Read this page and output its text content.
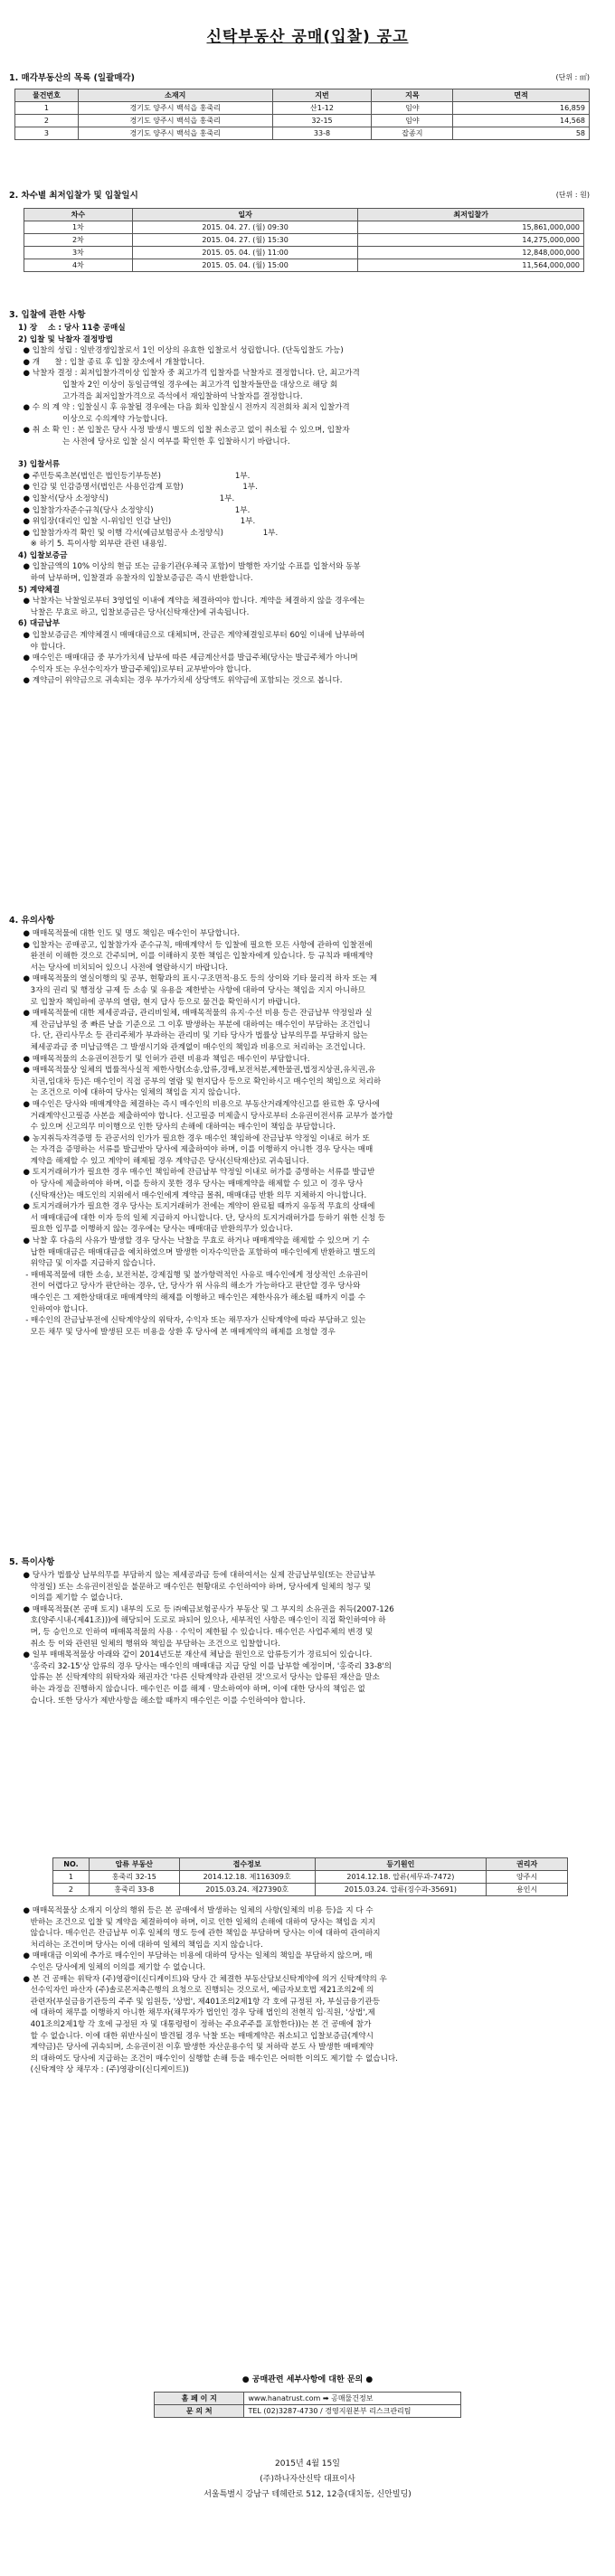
신탁부동산 공매(입찰) 공고
1. 매각부동산의 목록 (일괄매각)	(단위 : ㎡)
물건번호	소재지	지번	지목	면적
1	경기도 양주시 백석읍 홍죽리	산1-12	임야	16,859
2	경기도 양주시 백석읍 홍죽리	32-15	임야	14,568
3	경기도 양주시 백석읍 홍죽리	33-8	잡종지	58
2. 차수별 최저입찰가 및 입찰일시	(단위 : 원)
차수	일자	최저입찰가
1차	2015. 04. 27. (월) 09:30	15,861,000,000
2차	2015. 04. 27. (월) 15:30	14,275,000,000
3차	2015. 05. 04. (월) 11:00	12,848,000,000
4차	2015. 05. 04. (월) 15:00	11,564,000,000
3. 입찰에 관한 사항
1) 장    소 : 당사 11층 공매실
2) 입찰 및 낙찰자 결정방법
● 입찰의 성립 : 일반경쟁입찰로서 1인 이상의 유효한 입찰로서 성립합니다. (단독입찰도 가능)
● 개      찰 : 입찰 종료 후 입찰 장소에서 개찰합니다.
● 낙찰자 결정 : 최저입찰가격이상 입찰자 중 최고가격 입찰자를 낙찰자로 결정합니다. 단, 최고가격
입찰자 2인 이상이 동일금액일 경우에는 최고가격 입찰자들만을 대상으로 해당 회
고가격을 최저입찰가격으로 즉석에서 재입찰하여 낙찰자를 결정합니다.
● 수 의 계 약 : 입찰실시 후 유찰될 경우에는 다음 회차 입찰실시 전까지 직전회차 최저 입찰가격
이상으로 수의계약 가능합니다.
● 취 소 확 인 : 본 입찰은 당사 사정 발생시 별도의 입찰 취소공고 없이 취소될 수 있으며, 입찰자
는 사전에 당사로 입찰 실시 여부를 확인한 후 입찰하시기 바랍니다.

3) 입찰서류
● 주민등록초본(법인은 법인등기부등본)                              1부.
● 인감 및 인감증명서(법인은 사용인감계 포함)                        1부.
● 입찰서(당사 소정양식)                                             1부.
● 입찰참가자준수규칙(당사 소정양식)                                 1부.
● 위임장(대리인 입찰 시-위임인 인감 날인)                            1부.
● 입찰참가자격 확인 및 이행 각서(예금보험공사 소정양식)                1부.
※ 하기 5. 특이사항 외부란 관련 내용임.
4) 입찰보증금
● 입찰금액의 10% 이상의 현금 또는 금융기관(우체국 포함)이 발행한 자기앞 수표를 입찰서와 동봉
하여 납부하며, 입찰결과 유찰자의 입찰보증금은 즉시 반환합니다.
5) 계약체결
● 낙찰자는 낙찰일로부터 3영업일 이내에 계약을 체결하여야 합니다. 계약을 체결하지 않을 경우에는
낙찰은 무효로 하고, 입찰보증금은 당사(신탁재산)에 귀속됩니다.
6) 대금납부
● 입찰보증금은 계약체결시 매매대금으로 대체되며, 잔금은 계약체결일로부터 60일 이내에 납부하여
야 합니다.
● 매수인은 매매대금 중 부가가치세 납부에 따른 세금계산서를 발급주체(당사는 발급주체가 아니며
수익자 또는 우선수익자가 발급주체임)로부터 교부받아야 합니다.
● 계약금이 위약금으로 귀속되는 경우 부가가치세 상당액도 위약금에 포함되는 것으로 봅니다.
4. 유의사항
● 매매목적물에 대한 인도 및 명도 책임은 매수인이 부담합니다.
● 입찰자는 공매공고, 입찰참가자 준수규칙, 매매계약서 등 입찰에 필요한 모든 사항에 관하여 입찰전에
완전히 이해한 것으로 간주되며, 이를 이해하지 못한 책임은 입찰자에게 있습니다. 등 규칙과 매매계약
서는 당사에 비치되어 있으니 사전에 열람하시기 바랍니다.
● 매매목적물의 열실이행의 및 공부, 현황과의 표시·구조면적·용도 등의 상이와 기타 물리적 하자 또는 제
3자의 권리 및 행정상 규제 등 소송 및 유용을 제한받는 사항에 대하여 당사는 책임을 지지 아니하므
로 입찰자 책임하에 공부의 열람, 현지 답사 등으로 물건을 확인하시기 바랍니다.
● 매매목적물에 대한 제세공과금, 관리비일체, 매매목적물의 유지·수선 비용 등은 잔금납부 약정일과 실
제 잔금납부일 중 빠른 날을 기준으로 그 이후 발생하는 부분에 대하여는 매수인이 부담하는 조건입니
다. 단, 관리사무소 등 관리주체가 부과하는 관리비 및 기타 당사가 법률상 납부의무를 부담하지 않는
체세공과금 중 미납금액은 그 발생시기와 관계없이 매수인의 책임과 비용으로 처리하는 조건입니다.
● 매매목적물의 소유권이전등기 및 인허가 관련 비용과 책임은 매수인이 부담합니다.
● 매매목적물상 일체의 법률적사실적 제한사항(소송,압류,경매,보전처분,제한물권,법정지상권,유치권,유
치권,임대차 등)은 매수인이 직접 공부의 열람 및 현지답사 등으로 확인하시고 매수인의 책임으로 처리하
는 조건으로 이에 대하여 당사는 일체의 책임을 지지 않습니다.
● 매수인은 당사와 매매계약을 체결하는 즉시 매수인의 비용으로 부동산거래계약신고를 완료한 후 당사에
거래계약신고필증 사본을 제출하여야 합니다. 신고필증 미제출시 당사로부터 소유권이전서류 교부가 불가할
수 있으며 신고의무 미이행으로 인한 당사의 손해에 대하여는 매수인이 책임을 부담합니다.
● 농지취득자격증명 등 관공서의 인가가 필요한 경우 매수인 책임하에 잔금납부 약정일 이내로 허가 또
는 자격을 증명하는 서류를 발급받아 당사에 제출하여야 하며, 이를 이행하지 아니한 경우 당사는 매매
계약을 해제할 수 있고 계약이 해제될 경우 계약금은 당사(신탁재산)로 귀속됩니다.
● 토지거래허가가 필요한 경우 매수인 책임하에 잔금납부 약정일 이내로 허가를 증명하는 서류를 발급받
아 당사에 제출하여야 하며, 이를 등하지 못한 경우 당사는 매매계약을 해제할 수 있고 이 경우 당사
(신탁재산)는 매도인의 지위에서 매수인에게 계약금 몰취, 매매대금 반환 의무 지체하지 아니합니다.
● 토지거래허가가 필요한 경우 당사는 토지거래허가 전에는 계약이 완료될 때까지 유동적 무효의 상태에
서 매매대금에 대한 이자 등의 일체 지급하지 아니합니다. 단, 당사의 토지거래허가를 등하기 위한 신청 등
필요한 입무를 이행하지 않는 경우에는 당사는 매매대금 반환의무가 있습니다.
● 낙찰 후 다음의 사유가 발생할 경우 당사는 낙찰을 무효로 하거나 매매계약을 해제할 수 있으며 기 수
납한 매매대금은 매매대금을 예치하였으며 발생한 이자수익만을 포함하여 매수인에게 반환하고 별도의
위약금 및 이자를 지급하지 않습니다.
- 매매목적물에 대한 소송, 보전처분, 강제집행 및 불가항력적인 사유로 매수인에게 정상적인 소유권이
전이 어렵다고 당사가 판단하는 경우, 단, 당사가 위 사유의 해소가 가능하다고 판단할 경우 당사와
매수인은 그 제한상태대로 매매계약의 해제를 이행하고 매수인은 제한사유가 해소될 때까지 이를 수
인하여야 합니다.
- 매수인의 잔금납부전에 신탁계약상의 위탁자, 수익자 또는 채무자가 신탁계약에 따라 부담하고 있는
모든 채무 및 당사에 발생된 모든 비용을 상환 후 당사에 본 매매계약의 해제를 요청할 경우
5. 특이사항
● 당사가 법률상 납부의무를 부담하지 않는 제세공과금 등에 대하여서는 실제 잔금납부일(또는 잔금납부
약정일) 또는 소유권이전일을 불문하고 매수인은 현황대로 수인하여야 하며, 당사에게 일체의 청구 및
이의를 제기할 수 없습니다.
● 매매목적물(본 공매 토지) 내부의 도로 등 ㈜예금보험공사가 부동산 및 그 부지의 소유권을 취득(2007-126
호(양주시내-(제41조)))에 해당되어 도로로 파되어 있으나, 세부적인 사항은 매수인이 직접 확인하여야 하
며, 등 승인으로 인하여 매매목적물의 사용 · 수익이 제한될 수 있습니다. 매수인은 사업주체의 변경 및
취소 등 이와 관련된 일체의 행위와 책임을 부담하는 조건으로 입찰합니다.
● 일부 매매목적물상 아래와 같이 2014년도분 재산세 체납을 원인으로 압류등기가 경료되어 있습니다.
'홍죽리 32-15'상 압류의 경우 당사는 매수인의 매매대금 지급 당일 이를 납부할 예정이며, '홍죽리 33-8'의
압류는 본 신탁계약의 위탁자와 채권자간 '다른 신탁계약과 관련된 것'으로서 당사는 압류된 재산을 말소
하는 과정을 진행하지 않습니다. 매수인은 이를 해제 · 말소하여야 하며, 이에 대한 당사의 책임은 없
습니다. 또한 당사가 제반사항을 해소할 때까지 매수인은 이를 수인하여야 합니다.
NO.	압류 부동산	접수정보	등기원인	권리자
1	홍죽리 32-15	2014.12.18. 제116309호	2014.12.18. 압류(세무과-7472)	양주시
2	홍죽리 33-8	2015.03.24. 제27390호	2015.03.24. 압류(징수과-35691)	용인시
● 매매목적물상 소재지 이상의 행위 등은 본 공매에서 발생하는 일체의 사항(일체의 비용 등)을 지 다 수
반하는 조건으로 입찰 및 계약을 체결하여야 하며, 이로 인한 일체의 손해에 대하여 당사는 책임을 지지
않습니다. 매수인은 잔금납부 이후 일체의 명도 등에 관한 책임을 부담하며 당사는 이에 대하여 관여하지
처리하는 조건이며 당사는 이에 대하여 일체의 책임을 지지 않습니다.
● 매매대금 이외에 추가로 매수인이 부담하는 비용에 대하여 당사는 일체의 책임을 부담하지 않으며, 매
수인은 당사에게 일체의 이의를 제기할 수 없습니다.
● 본 건 공매는 위탁자 (주)영광이(신디케이트)와 당사 간 체결한 부동산담보신탁계약에 의거 신탁계약의 우
선수익자인 파산자 (주)솔로몬저축은행의 요청으로 진행되는 것으로서, 예금자보호법 제21조의2에 의
관련자(부실금융기관등의 주주 및 임원등, '상법', 제401조의2제1항 각 호에 규정된 자, 부실금융기관등
에 대하여 채무를 이행하지 아니한 채무자(채무자가 법인인 경우 당해 법인의 전현직 임·직원, '상법',제
401조의2제1항 각 호에 규정된 자 및 대통령령이 정하는 주요주주를 포함한다))는 본 건 공매에 참가
할 수 없습니다. 이에 대한 위반사실이 발견될 경우 낙찰 또는 매매계약은 취소되고 입찰보증금(계약시
계약금)은 당사에 귀속되며, 소유권이전 이후 발생한 자산운용수익 및 저하락 분도 사 발생한 매매계약
의 대하여도 당사에 지급하는 조건이 매수인이 실행할 손해 등을 매수인은 어떠한 이의도 제기할 수 없습니다.
(신탁계약 상 채무자 : (주)영광이(신디케이트))
● 공매관련 세부사항에 대한 문의 ●
홈 페 이 지	www.hanatrust.com ➡ 공매물건정보
문 의 처	TEL (02)3287-4730 / 경영지원본부 리스크관리팀
2015년 4월 15일
(주)하나자산신탁 대표이사
서울특별시 강남구 테헤란로 512, 12층(대치동, 신안빌딩)
